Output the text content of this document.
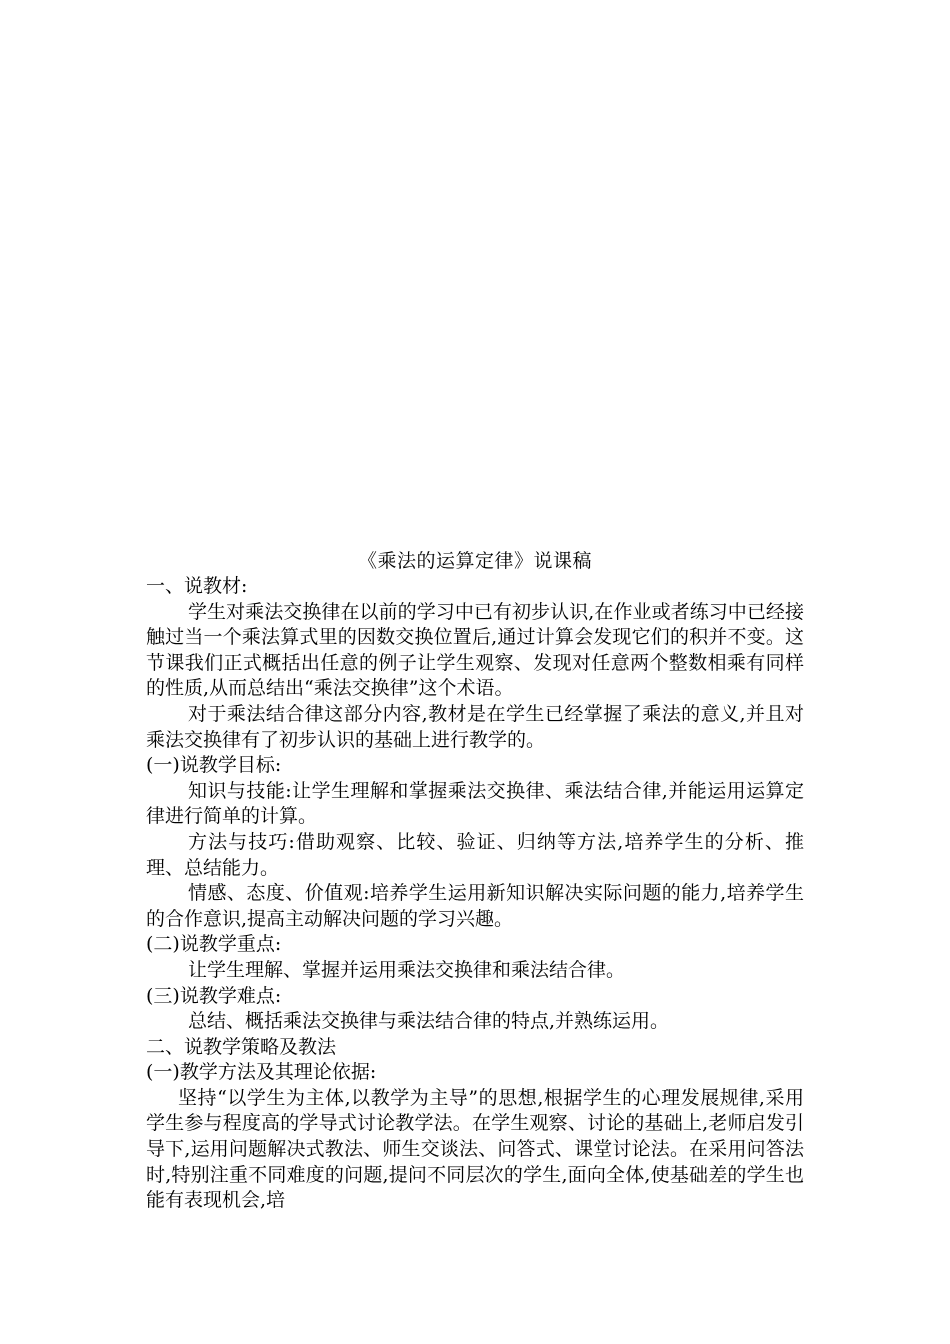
《乘法的运算定律》说课稿

一、说教材:

学生对乘法交换律在以前的学习中已有初步认识,在作业或者练习中已经接触过当一个乘法算式里的因数交换位置后,通过计算会发现它们的积并不变。这节课我们正式概括出任意的例子让学生观察、发现对任意两个整数相乘有同样的性质,从而总结出“乘法交换律”这个术语。

对于乘法结合律这部分内容,教材是在学生已经掌握了乘法的意义,并且对乘法交换律有了初步认识的基础上进行教学的。

(一)说教学目标:

知识与技能:让学生理解和掌握乘法交换律、乘法结合律,并能运用运算定律进行简单的计算。

方法与技巧:借助观察、比较、验证、归纳等方法,培养学生的分析、推理、总结能力。

情感、态度、价值观:培养学生运用新知识解决实际问题的能力,培养学生的合作意识,提高主动解决问题的学习兴趣。

(二)说教学重点:

让学生理解、掌握并运用乘法交换律和乘法结合律。

(三)说教学难点:

总结、概括乘法交换律与乘法结合律的特点,并熟练运用。

二、说教学策略及教法

(一)教学方法及其理论依据:

坚持“以学生为主体,以教学为主导”的思想,根据学生的心理发展规律,采用学生参与程度高的学导式讨论教学法。在学生观察、讨论的基础上,老师启发引导下,运用问题解决式教法、师生交谈法、问答式、课堂讨论法。在采用问答法时,特别注重不同难度的问题,提问不同层次的学生,面向全体,使基础差的学生也能有表现机会,培
